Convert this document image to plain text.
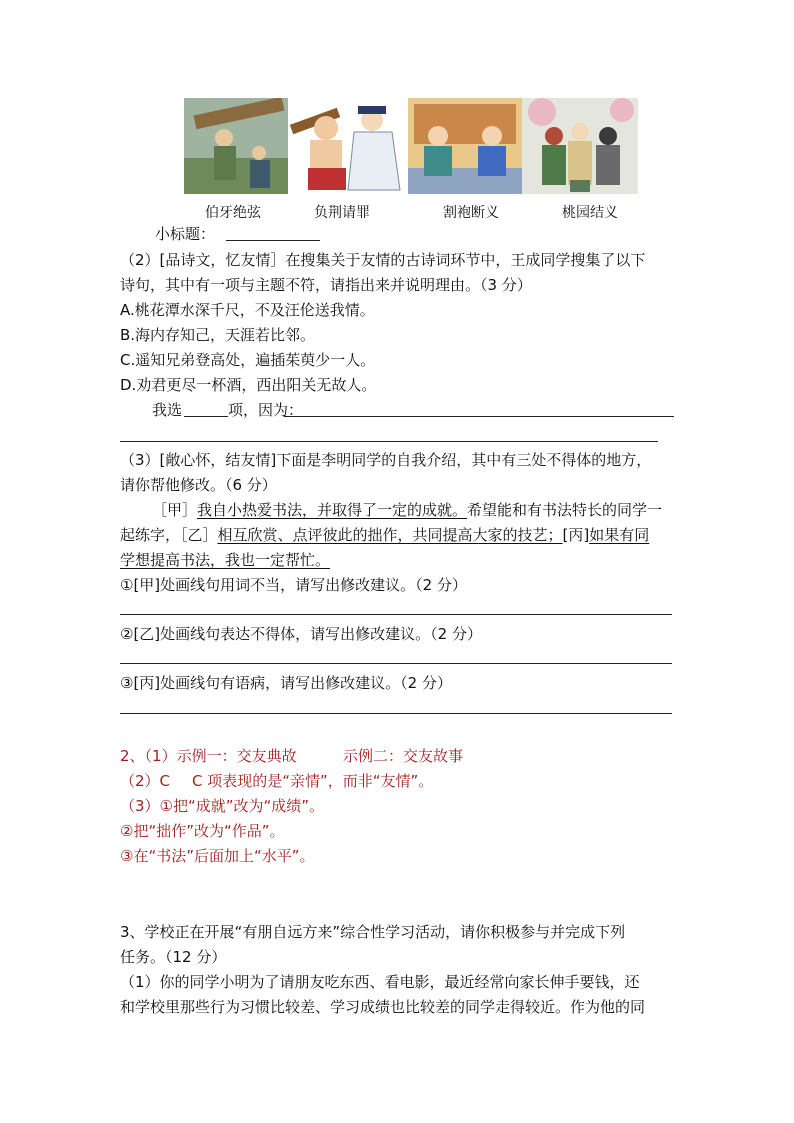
伯牙绝弦	负荆请罪	割袍断义	桃园结义
小标题：
（2）[品诗文，忆友情］在搜集关于友情的古诗词环节中，王成同学搜集了以下
诗句，其中有一项与主题不符，请指出来并说明理由。（3 分）
A.桃花潭水深千尺，不及汪伦送我情。
B.海内存知己，天涯若比邻。
C.遥知兄弟登高处，遍插茱萸少一人。
D.劝君更尽一杯酒，西出阳关无故人。
我选	项，因为：
（3）[敞心怀，结友情]下面是李明同学的自我介绍，其中有三处不得体的地方，
请你帮他修改。（6 分）
［甲］我自小热爱书法，并取得了一定的成就。希望能和有书法特长的同学一
起练字，［乙］相互欣赏、点评彼此的拙作，共同提高大家的技艺；[丙]如果有同
学想提高书法，我也一定帮忙。
①[甲]处画线句用词不当，请写出修改建议。（2 分）
②[乙]处画线句表达不得体，请写出修改建议。（2 分）
③[丙]处画线句有语病，请写出修改建议。（2 分）
2、（1）示例一：交友典故	示例二：交友故事
（2）C C 项表现的是“亲情”，而非“友情”。
（3）①把“成就”改为“成绩”。
②把“拙作”改为“作品”。
③在“书法”后面加上“水平”。
3、学校正在开展“有朋自远方来”综合性学习活动，请你积极参与并完成下列
任务。（12 分）
（1）你的同学小明为了请朋友吃东西、看电影，最近经常向家长伸手要钱，还
和学校里那些行为习惯比较差、学习成绩也比较差的同学走得较近。作为他的同
